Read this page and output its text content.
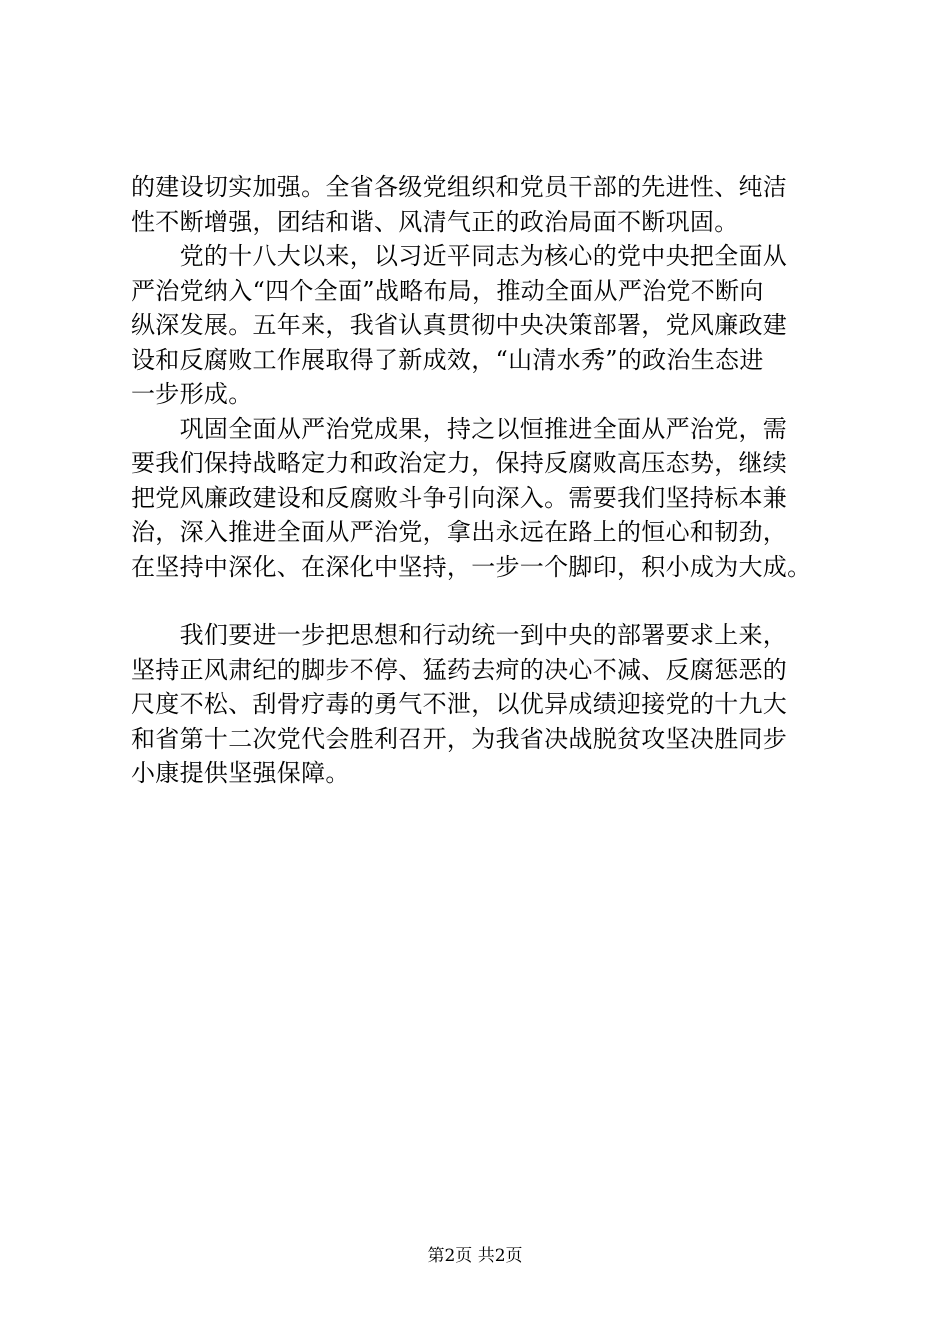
的建设切实加强。全省各级党组织和党员干部的先进性、纯洁
性不断增强，团结和谐、风清气正的政治局面不断巩固。
　　党的十八大以来，以习近平同志为核心的党中央把全面从
严治党纳入“四个全面”战略布局，推动全面从严治党不断向
纵深发展。五年来，我省认真贯彻中央决策部署，党风廉政建
设和反腐败工作展取得了新成效，“山清水秀”的政治生态进
一步形成。
　　巩固全面从严治党成果，持之以恒推进全面从严治党，需
要我们保持战略定力和政治定力，保持反腐败高压态势，继续
把党风廉政建设和反腐败斗争引向深入。需要我们坚持标本兼
治，深入推进全面从严治党，拿出永远在路上的恒心和韧劲，
在坚持中深化、在深化中坚持，一步一个脚印，积小成为大成。
　　我们要进一步把思想和行动统一到中央的部署要求上来，
坚持正风肃纪的脚步不停、猛药去疴的决心不减、反腐惩恶的
尺度不松、刮骨疗毒的勇气不泄，以优异成绩迎接党的十九大
和省第十二次党代会胜利召开，为我省决战脱贫攻坚决胜同步
小康提供坚强保障。
第2页 共2页
